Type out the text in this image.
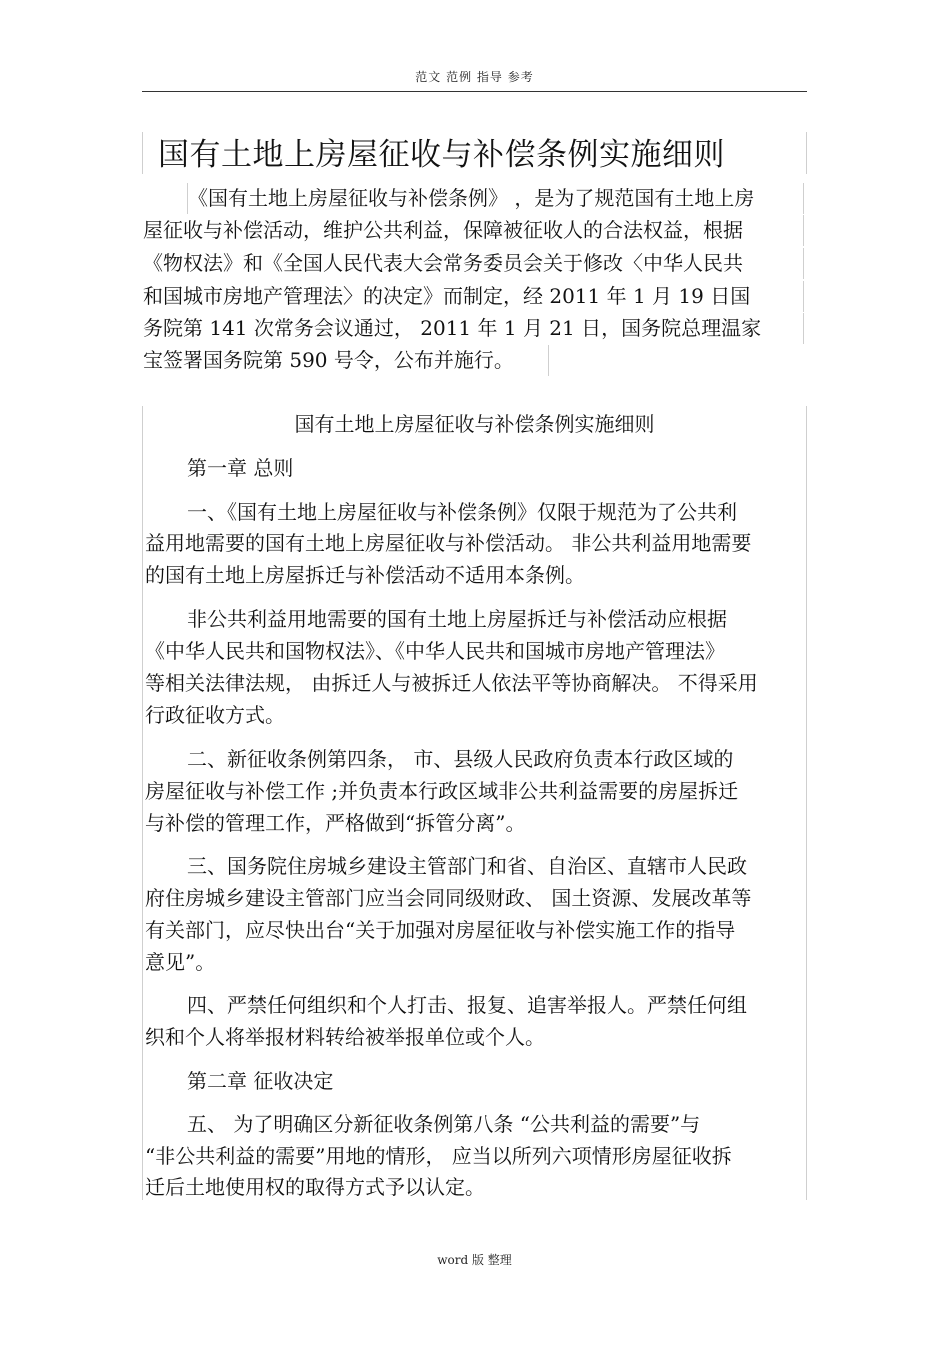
范文 范例 指导 参考
国有土地上房屋征收与补偿条例实施细则
《国有土地上房屋征收与补偿条例》 ，是为了规范国有土地上房
屋征收与补偿活动，维护公共利益，保障被征收人的合法权益，根据
《物权法》和《全国人民代表大会常务委员会关于修改〈中华人民共
和国城市房地产管理法〉的决定》而制定，经 2011 年 1 月 19 日国
务院第 141 次常务会议通过， 2011 年 1 月 21 日，国务院总理温家
宝签署国务院第 590 号令，公布并施行。
国有土地上房屋征收与补偿条例实施细则
第一章 总则
一、《国有土地上房屋征收与补偿条例》仅限于规范为了公共利
益用地需要的国有土地上房屋征收与补偿活动。 非公共利益用地需要
的国有土地上房屋拆迁与补偿活动不适用本条例。
非公共利益用地需要的国有土地上房屋拆迁与补偿活动应根据
《中华人民共和国物权法》、《中华人民共和国城市房地产管理法》
等相关法律法规， 由拆迁人与被拆迁人依法平等协商解决。 不得采用
行政征收方式。
二、新征收条例第四条， 市、县级人民政府负责本行政区域的
房屋征收与补偿工作 ;并负责本行政区域非公共利益需要的房屋拆迁
与补偿的管理工作，严格做到“拆管分离”。
三、国务院住房城乡建设主管部门和省、自治区、直辖市人民政
府住房城乡建设主管部门应当会同同级财政、 国土资源、发展改革等
有关部门，应尽快出台“关于加强对房屋征收与补偿实施工作的指导
意见”。
四、严禁任何组织和个人打击、报复、追害举报人。严禁任何组
织和个人将举报材料转给被举报单位或个人。
第二章 征收决定
五、 为了明确区分新征收条例第八条 “公共利益的需要”与
“非公共利益的需要”用地的情形， 应当以所列六项情形房屋征收拆
迁后土地使用权的取得方式予以认定。
word 版 整理
